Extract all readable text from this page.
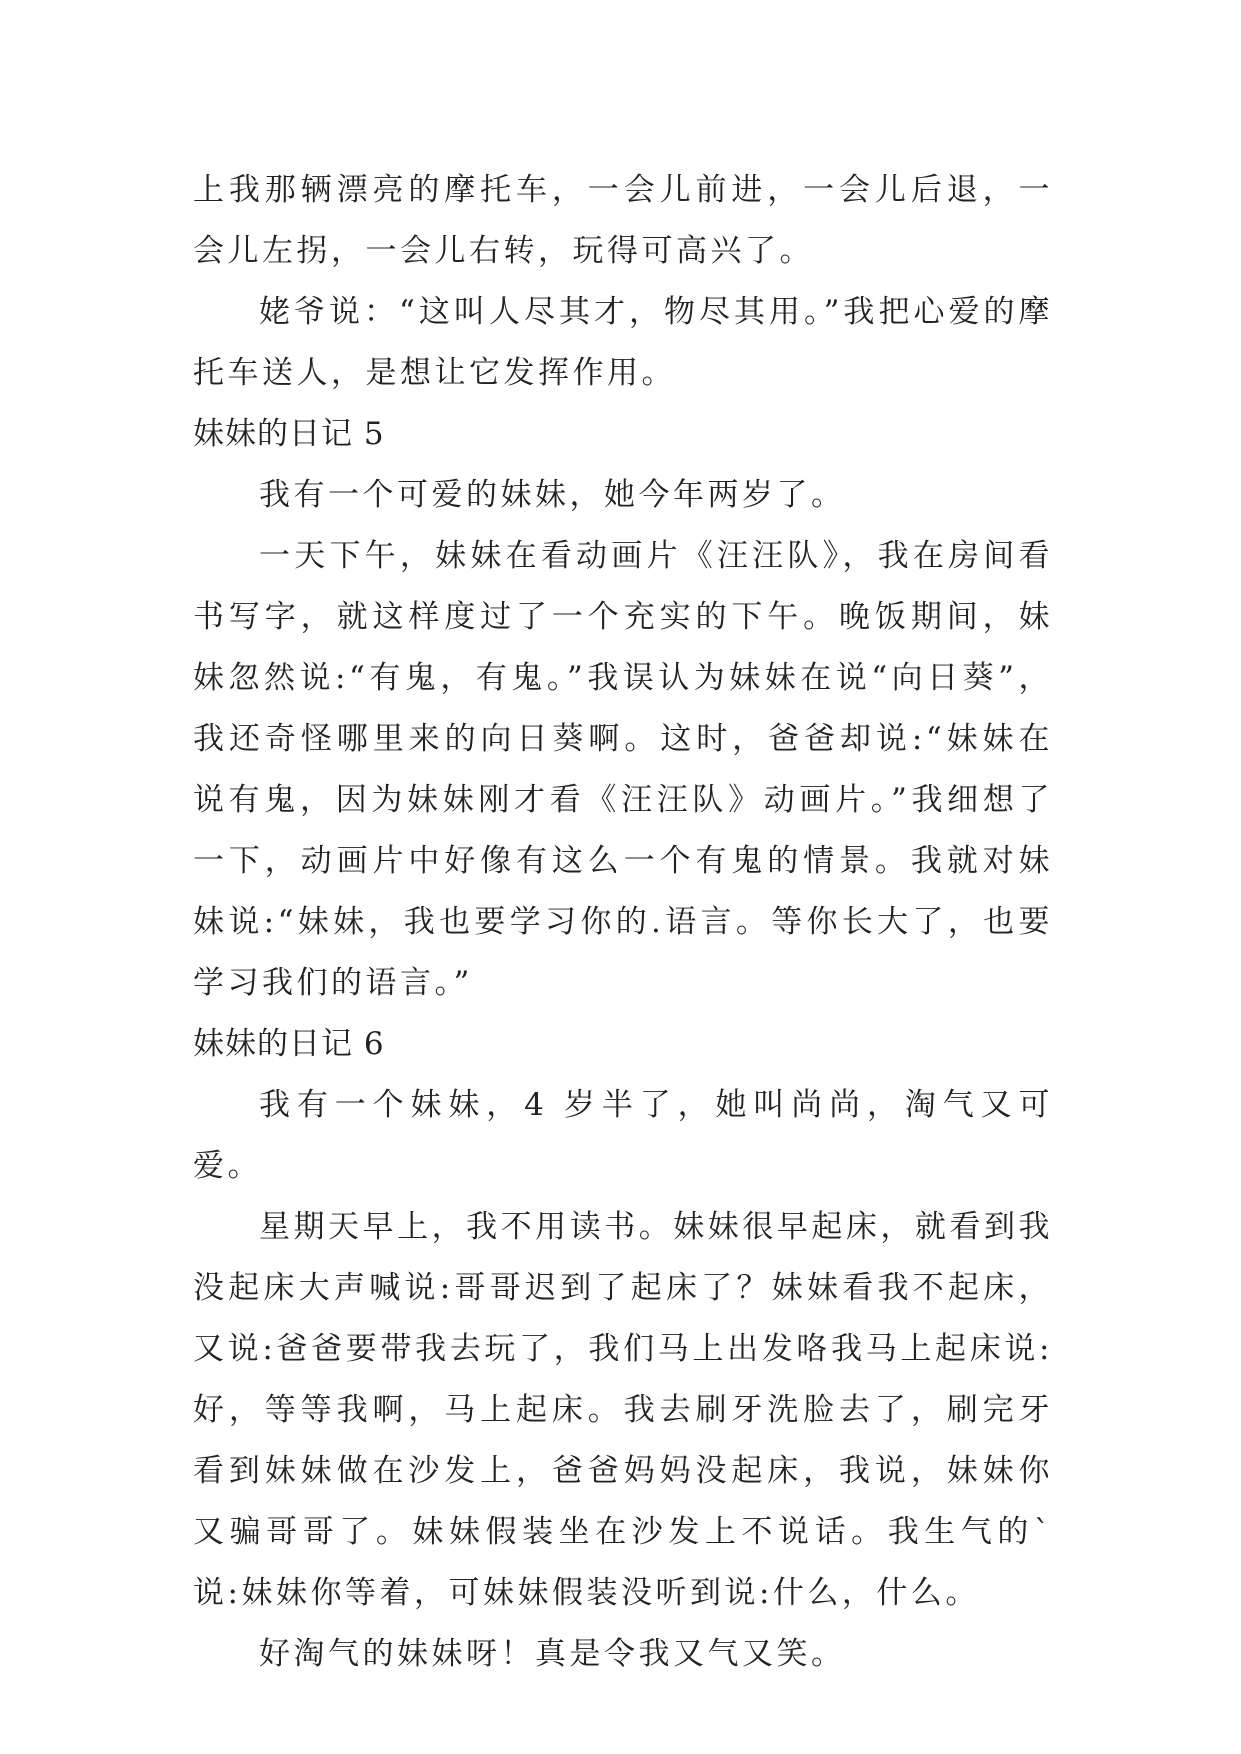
上我那辆漂亮的摩托车，一会儿前进，一会儿后退，一会儿左拐，一会儿右转，玩得可高兴了。

姥爷说：“这叫人尽其才，物尽其用。”我把心爱的摩托车送人，是想让它发挥作用。

妹妹的日记 5

我有一个可爱的妹妹，她今年两岁了。

一天下午，妹妹在看动画片《汪汪队》，我在房间看书写字，就这样度过了一个充实的下午。晚饭期间，妹妹忽然说:“有鬼，有鬼。”我误认为妹妹在说“向日葵”，我还奇怪哪里来的向日葵啊。这时，爸爸却说:“妹妹在说有鬼，因为妹妹刚才看《汪汪队》动画片。”我细想了一下，动画片中好像有这么一个有鬼的情景。我就对妹妹说:“妹妹，我也要学习你的.语言。等你长大了，也要学习我们的语言。”

妹妹的日记 6

我有一个妹妹，4 岁半了，她叫尚尚，淘气又可爱。

星期天早上，我不用读书。妹妹很早起床，就看到我没起床大声喊说:哥哥迟到了起床了？妹妹看我不起床，又说:爸爸要带我去玩了，我们马上出发咯我马上起床说:好，等等我啊，马上起床。我去刷牙洗脸去了，刷完牙看到妹妹做在沙发上，爸爸妈妈没起床，我说，妹妹你又骗哥哥了。妹妹假装坐在沙发上不说话。我生气的`说:妹妹你等着，可妹妹假装没听到说:什么，什么。

好淘气的妹妹呀！真是令我又气又笑。
